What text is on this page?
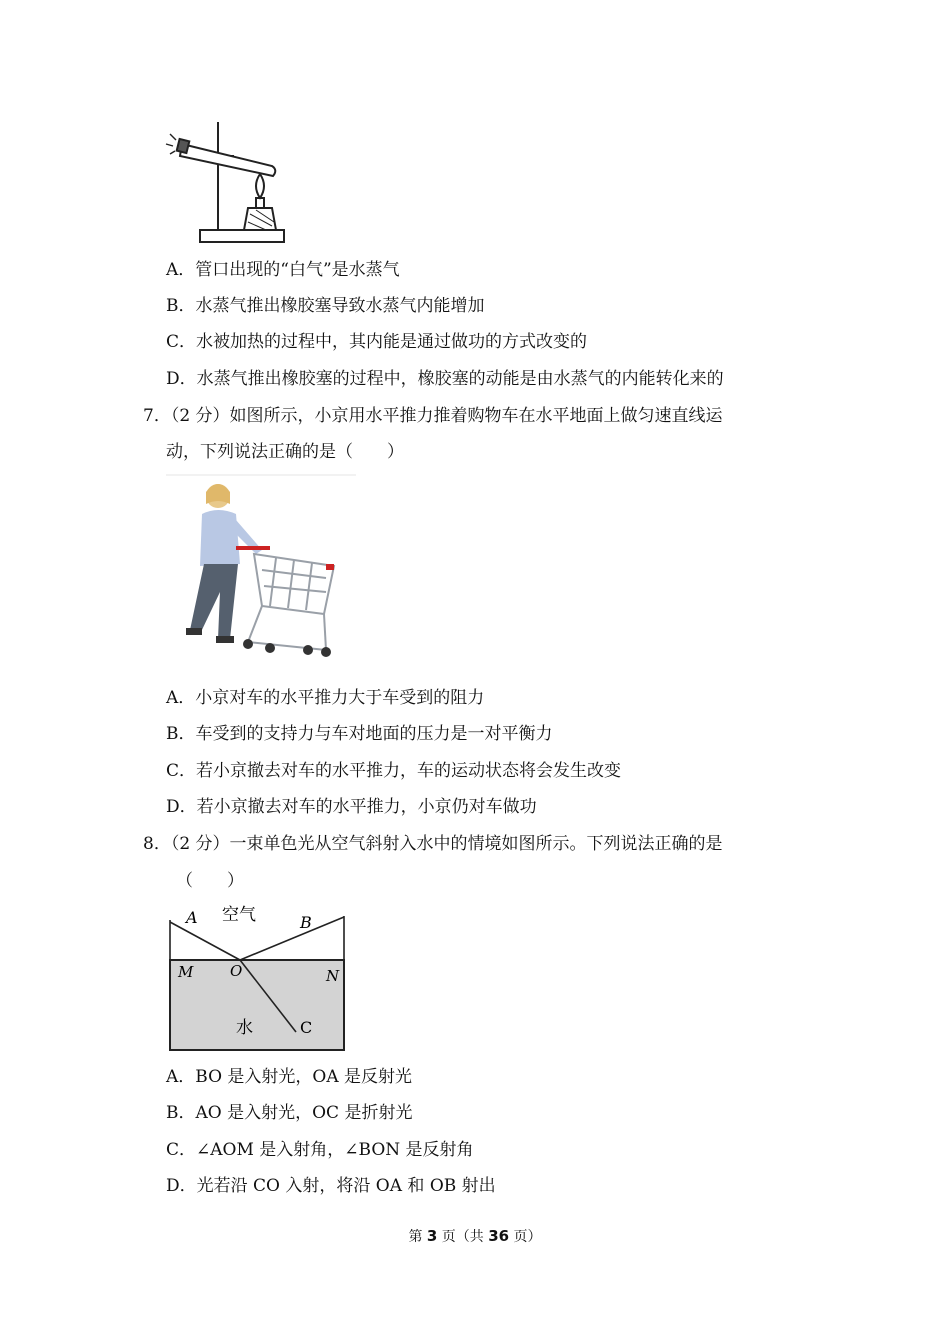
A．管口出现的“白气”是水蒸气
B．水蒸气推出橡胶塞导致水蒸气内能增加
C．水被加热的过程中，其内能是通过做功的方式改变的
D．水蒸气推出橡胶塞的过程中，橡胶塞的动能是由水蒸气的内能转化来的
7．（2 分）如图所示，小京用水平推力推着购物车在水平地面上做匀速直线运
动，下列说法正确的是（　　）
A．小京对车的水平推力大于车受到的阻力
B．车受到的支持力与车对地面的压力是一对平衡力
C．若小京撤去对车的水平推力，车的运动状态将会发生改变
D．若小京撤去对车的水平推力，小京仍对车做功
8．（2 分）一束单色光从空气斜射入水中的情境如图所示。下列说法正确的是
（　　）
A 空气	B
M O	N
水	C
A．BO 是入射光，OA 是反射光
B．AO 是入射光，OC 是折射光
C．∠AOM 是入射角，∠BON 是反射角
D．光若沿 CO 入射，将沿 OA 和 OB 射出
第 3 页（共 36 页）
